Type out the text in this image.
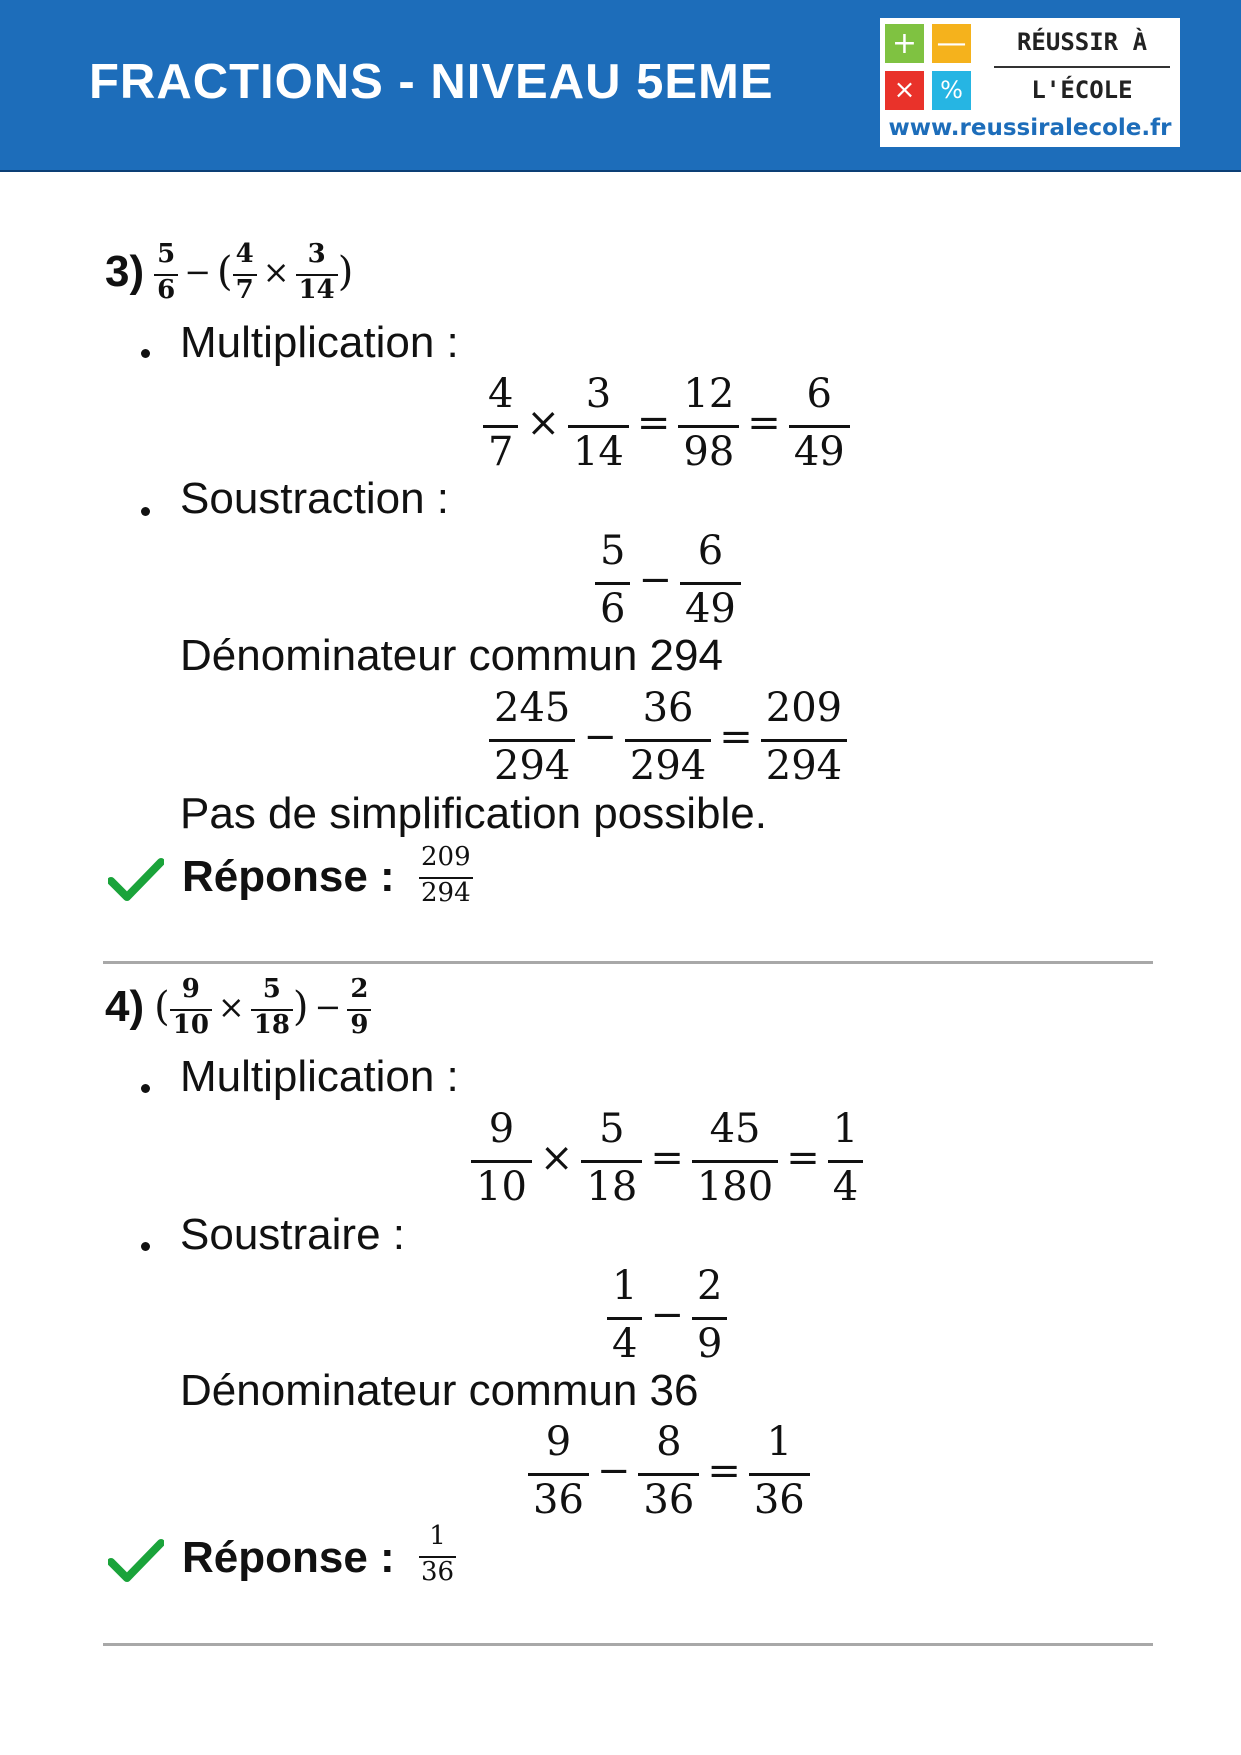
FRACTIONS - NIVEAU 5EME
+ —
×	%
RÉUSSIR À
L'ÉCOLE
www.reussiralecole.fr
$3) \frac{5}{6}$ − ( $\frac{4}{7} \times \frac{3}{14}$ )
Multiplication :
$\frac{4}{7} \times \frac{3}{14} = \frac{12}{98} = \frac{6}{49}$
Soustraction :
$\frac{5}{6} - \frac{6}{49}$
Dénominateur commun 294
$\frac{245}{294} - \frac{36}{294} = \frac{209}{294}$
Pas de simplification possible.
Réponse : $\frac{209}{294}$
4) ( $\frac{9}{10} \times \frac{5}{18}$ ) − $\frac{2}{9}$
Multiplication :
$\frac{9}{10} \times \frac{5}{18} = \frac{45}{180} = \frac{1}{4}$
Soustraire :
$\frac{1}{4} - \frac{2}{9}$
Dénominateur commun 36
$\frac{9}{36} - \frac{8}{36} = \frac{1}{36}$
Réponse : $\frac{1}{36}$
